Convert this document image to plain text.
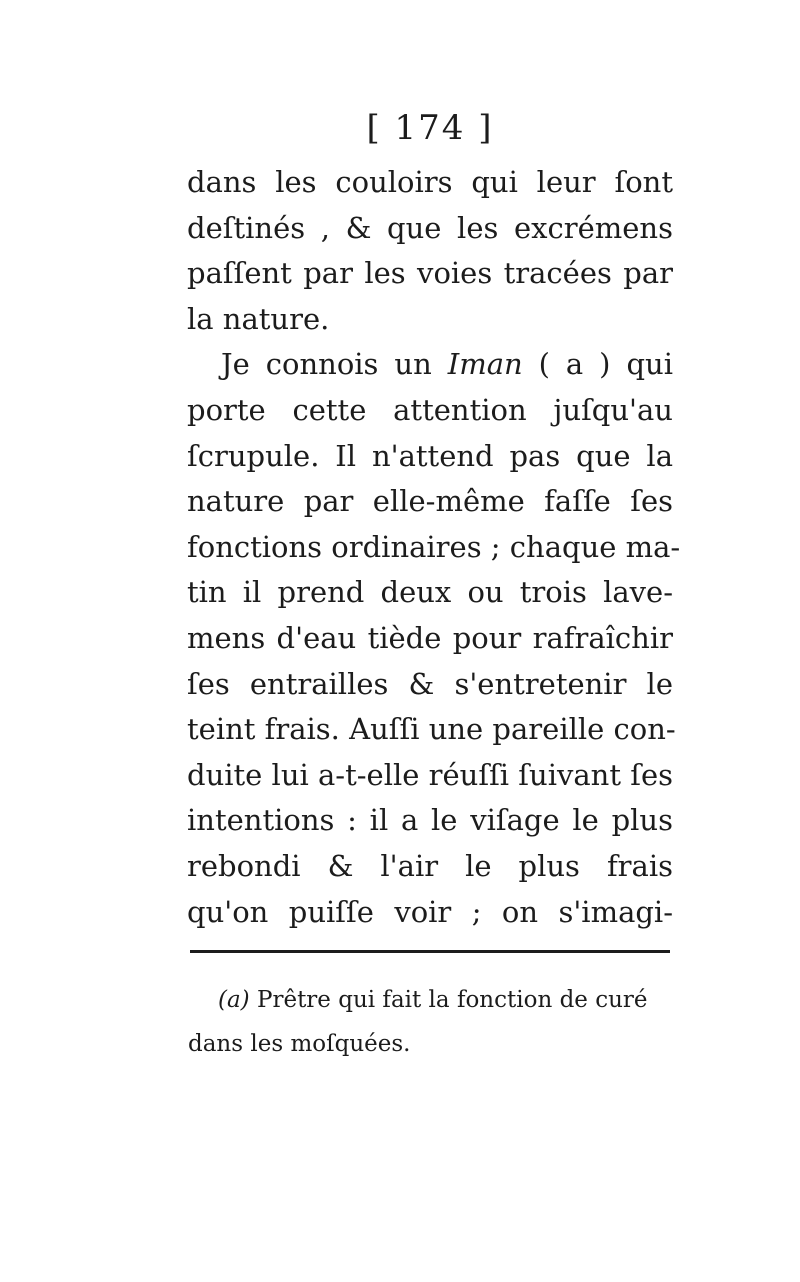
[ 174 ]
dans les couloirs qui leur ſont
deſtinés , & que les excrémens
paſſent par les voies tracées par
la nature.
Je connois un Iman ( a ) qui
porte cette attention juſqu'au
ſcrupule. Il n'attend pas que la
nature par elle-même faſſe ſes
fonctions ordinaires ; chaque ma-
tin il prend deux ou trois lave-
mens d'eau tiède pour rafraîchir
ſes entrailles & s'entretenir le
teint frais. Auſſi une pareille con-
duite lui a-t-elle réuſſi ſuivant ſes
intentions : il a le viſage le plus
rebondi & l'air le plus frais
qu'on puiſſe voir ; on s'imagi-
(a) Prêtre qui fait la fonction de curé
dans les moſquées.
